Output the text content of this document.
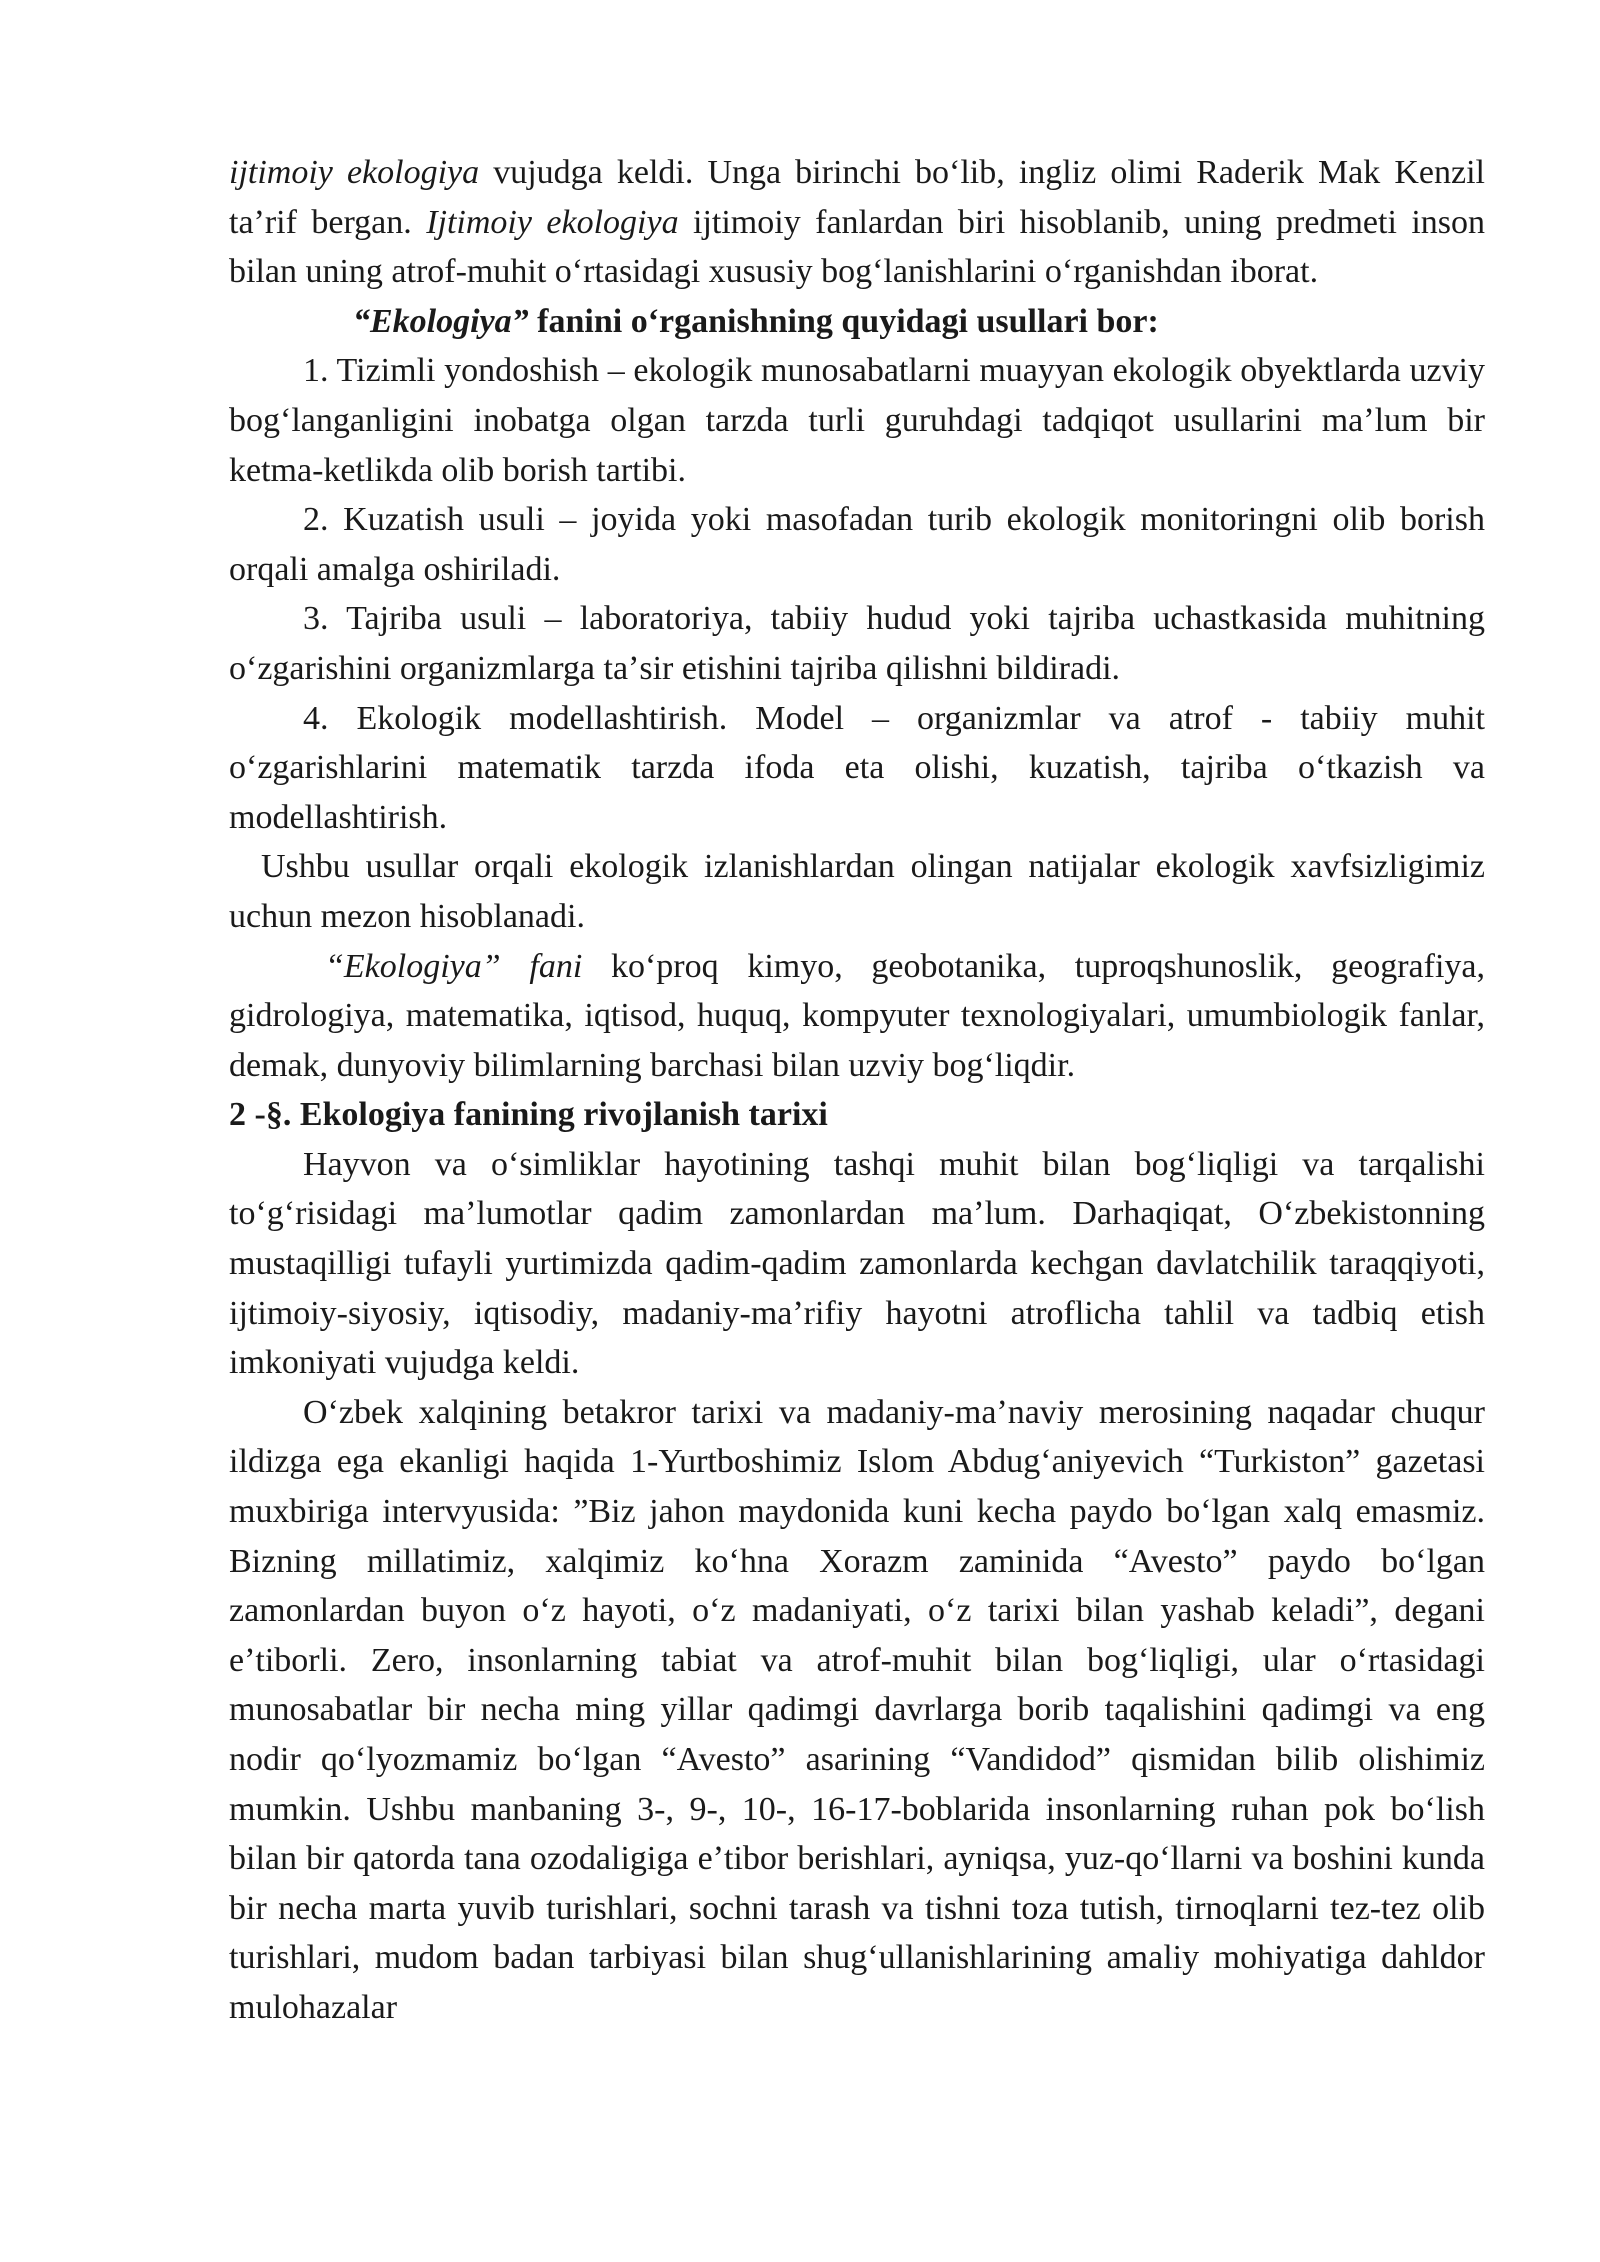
ijtimoiy ekologiya vujudga keldi. Unga birinchi boʻlib, ingliz olimi Raderik Mak Kenzil taʼrif bergan. Ijtimoiy ekologiya ijtimoiy fanlardan biri hisoblanib, uning predmeti inson bilan uning atrof-muhit oʻrtasidagi xususiy bogʻlanishlarini oʻrganishdan iborat.

“Ekologiya” fanini oʻrganishning quyidagi usullari bor:

1. Tizimli yondoshish – ekologik munosabatlarni muayyan ekologik obyektlarda uzviy bogʻlanganligini inobatga olgan tarzda turli guruhdagi tadqiqot usullarini maʼlum bir ketma-ketlikda olib borish tartibi.

2. Kuzatish usuli – joyida yoki masofadan turib ekologik monitoringni olib borish orqali amalga oshiriladi.

3. Tajriba usuli – laboratoriya, tabiiy hudud yoki tajriba uchastkasida muhitning oʻzgarishini organizmlarga taʼsir etishini tajriba qilishni bildiradi.

4. Ekologik modellashtirish. Model – organizmlar va atrof - tabiiy muhit oʻzgarishlarini matematik tarzda ifoda eta olishi, kuzatish, tajriba oʻtkazish va modellashtirish.

Ushbu usullar orqali ekologik izlanishlardan olingan natijalar ekologik xavfsizligimiz uchun mezon hisoblanadi.

“Ekologiya” fani koʻproq kimyo, geobotanika, tuproqshunoslik, geografiya, gidrologiya, matematika, iqtisod, huquq, kompyuter texnologiyalari, umumbiologik fanlar, demak, dunyoviy bilimlarning barchasi bilan uzviy bogʻliqdir.

2 -§. Ekologiya fanining rivojlanish tarixi

Hayvon va oʻsimliklar hayotining tashqi muhit bilan bogʻliqligi va tarqalishi toʻgʻrisidagi maʼlumotlar qadim zamonlardan maʼlum. Darhaqiqat, Oʻzbekistonning mustaqilligi tufayli yurtimizda qadim-qadim zamonlarda kechgan davlatchilik taraqqiyoti, ijtimoiy-siyosiy, iqtisodiy, madaniy-maʼrifiy hayotni atroflicha tahlil va tadbiq etish imkoniyati vujudga keldi.

Oʻzbek xalqining betakror tarixi va madaniy-maʼnaviy merosining naqadar chuqur ildizga ega ekanligi haqida 1-Yurtboshimiz Islom Abdugʻaniyevich “Turkiston” gazetasi muxbiriga intervyusida: ”Biz jahon maydonida kuni kecha paydo boʻlgan xalq emasmiz. Bizning millatimiz, xalqimiz koʻhna Xorazm zaminida “Avesto” paydo boʻlgan zamonlardan buyon oʻz hayoti, oʻz madaniyati, oʻz tarixi bilan yashab keladi”, degani eʼtiborli. Zero, insonlarning tabiat va atrof-muhit bilan bogʻliqligi, ular oʻrtasidagi munosabatlar bir necha ming yillar qadimgi davrlarga borib taqalishini qadimgi va eng nodir qoʻlyozmamiz boʻlgan “Avesto” asarining “Vandidod” qismidan bilib olishimiz mumkin. Ushbu manbaning 3-, 9-, 10-, 16-17-boblarida insonlarning ruhan pok boʻlish bilan bir qatorda tana ozodaligiga eʼtibor berishlari, ayniqsa, yuz-qoʻllarni va boshini kunda bir necha marta yuvib turishlari, sochni tarash va tishni toza tutish, tirnoqlarni tez-tez olib turishlari, mudom badan tarbiyasi bilan shugʻullanishlarining amaliy mohiyatiga dahldor mulohazalar
